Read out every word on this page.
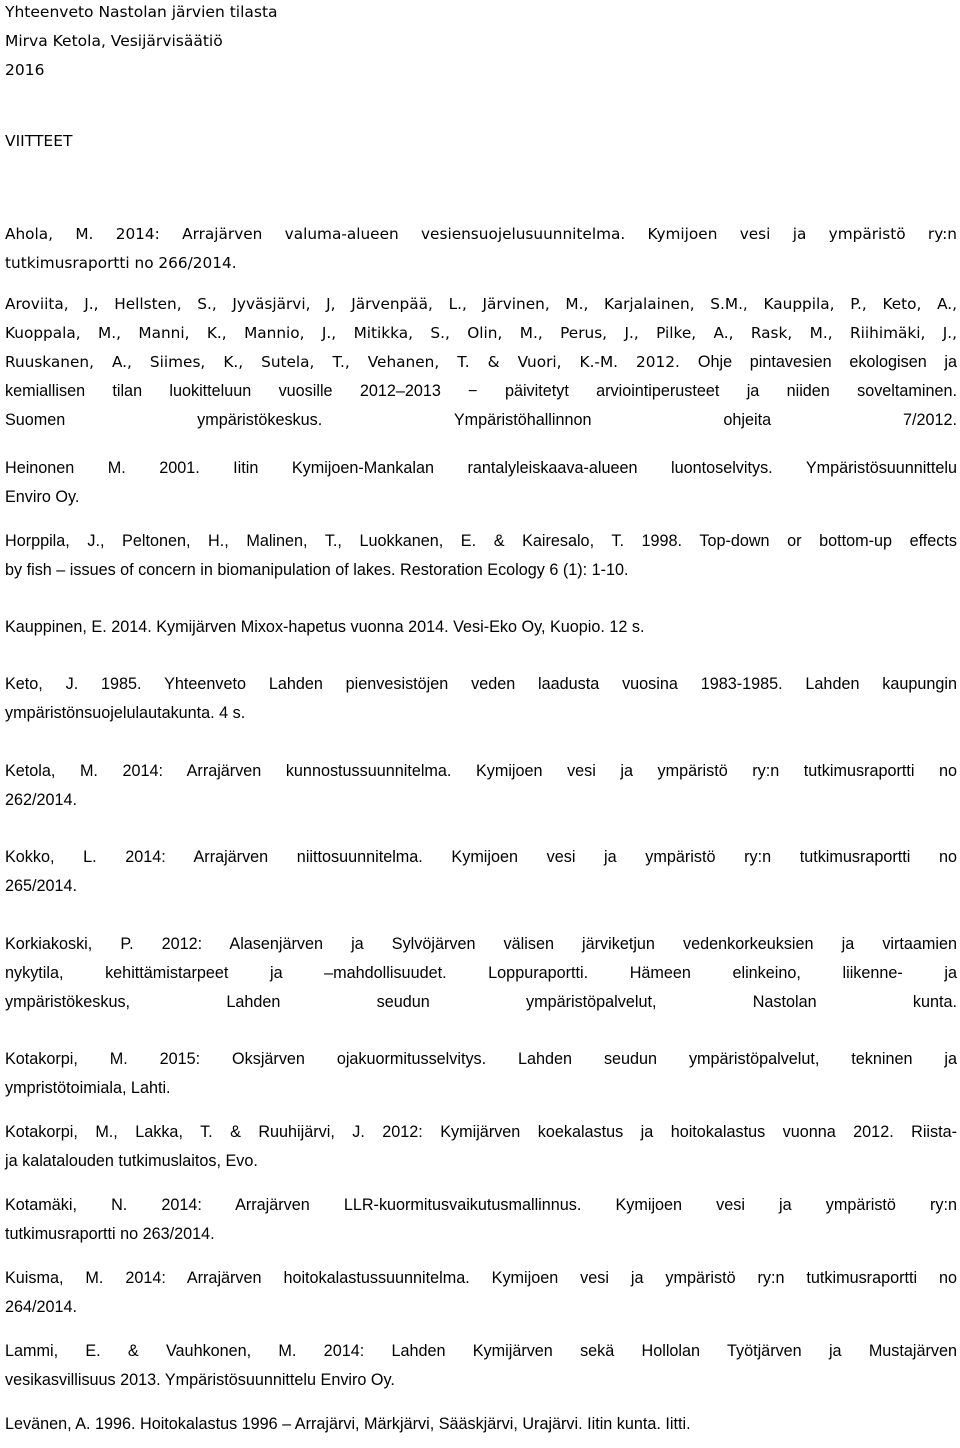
Yhteenveto Nastolan järvien tilasta
Mirva Ketola, Vesijärvisäätiö
2016
VIITTEET
Ahola, M. 2014: Arrajärven valuma-alueen vesiensuojelusuunnitelma. Kymijoen vesi ja ympäristö ry:n
tutkimusraportti no 266/2014.
Aroviita, J., Hellsten, S., Jyväsjärvi, J, Järvenpää, L., Järvinen, M., Karjalainen, S.M., Kauppila, P., Keto, A.,
Kuoppala, M., Manni, K., Mannio, J., Mitikka, S., Olin, M., Perus, J., Pilke, A., Rask, M., Riihimäki, J.,
Ruuskanen, A., Siimes, K., Sutela, T., Vehanen, T. & Vuori, K.-M. 2012. Ohje pintavesien ekologisen ja
kemiallisen tilan luokitteluun vuosille 2012‒2013 − päivitetyt arviointiperusteet ja niiden soveltaminen.
Suomen ympäristökeskus. Ympäristöhallinnon ohjeita 7/2012.
Heinonen M. 2001. Iitin Kymijoen-Mankalan rantalyleiskaava-alueen luontoselvitys. Ympäristösuunnittelu
Enviro Oy.
Horppila, J., Peltonen, H., Malinen, T., Luokkanen, E. & Kairesalo, T. 1998. Top-down or bottom-up effects
by fish – issues of concern in biomanipulation of lakes. Restoration Ecology 6 (1): 1-10.
Kauppinen, E. 2014. Kymijärven Mixox-hapetus vuonna 2014. Vesi-Eko Oy, Kuopio. 12 s.
Keto, J. 1985. Yhteenveto Lahden pienvesistöjen veden laadusta vuosina 1983-1985. Lahden kaupungin
ympäristönsuojelulautakunta. 4 s.
Ketola, M. 2014: Arrajärven kunnostussuunnitelma. Kymijoen vesi ja ympäristö ry:n tutkimusraportti no
262/2014.
Kokko, L. 2014: Arrajärven niittosuunnitelma. Kymijoen vesi ja ympäristö ry:n tutkimusraportti no
265/2014.
Korkiakoski, P. 2012: Alasenjärven ja Sylvöjärven välisen järviketjun vedenkorkeuksien ja virtaamien
nykytila, kehittämistarpeet ja –mahdollisuudet. Loppuraportti. Hämeen elinkeino, liikenne- ja
ympäristökeskus, Lahden seudun ympäristöpalvelut, Nastolan kunta.
Kotakorpi, M. 2015: Oksjärven ojakuormitusselvitys. Lahden seudun ympäristöpalvelut, tekninen ja
ympristötoimiala, Lahti.
Kotakorpi, M., Lakka, T. & Ruuhijärvi, J. 2012: Kymijärven koekalastus ja hoitokalastus vuonna 2012. Riista-
ja kalatalouden tutkimuslaitos, Evo.
Kotamäki, N. 2014: Arrajärven LLR-kuormitusvaikutusmallinnus. Kymijoen vesi ja ympäristö ry:n
tutkimusraportti no 263/2014.
Kuisma, M. 2014: Arrajärven hoitokalastussuunnitelma. Kymijoen vesi ja ympäristö ry:n tutkimusraportti no
264/2014.
Lammi, E. & Vauhkonen, M. 2014: Lahden Kymijärven sekä Hollolan Työtjärven ja Mustajärven
vesikasvillisuus 2013. Ympäristösuunnittelu Enviro Oy.
Levänen, A. 1996. Hoitokalastus 1996 – Arrajärvi, Märkjärvi, Sääskjärvi, Urajärvi. Iitin kunta. Iitti.
